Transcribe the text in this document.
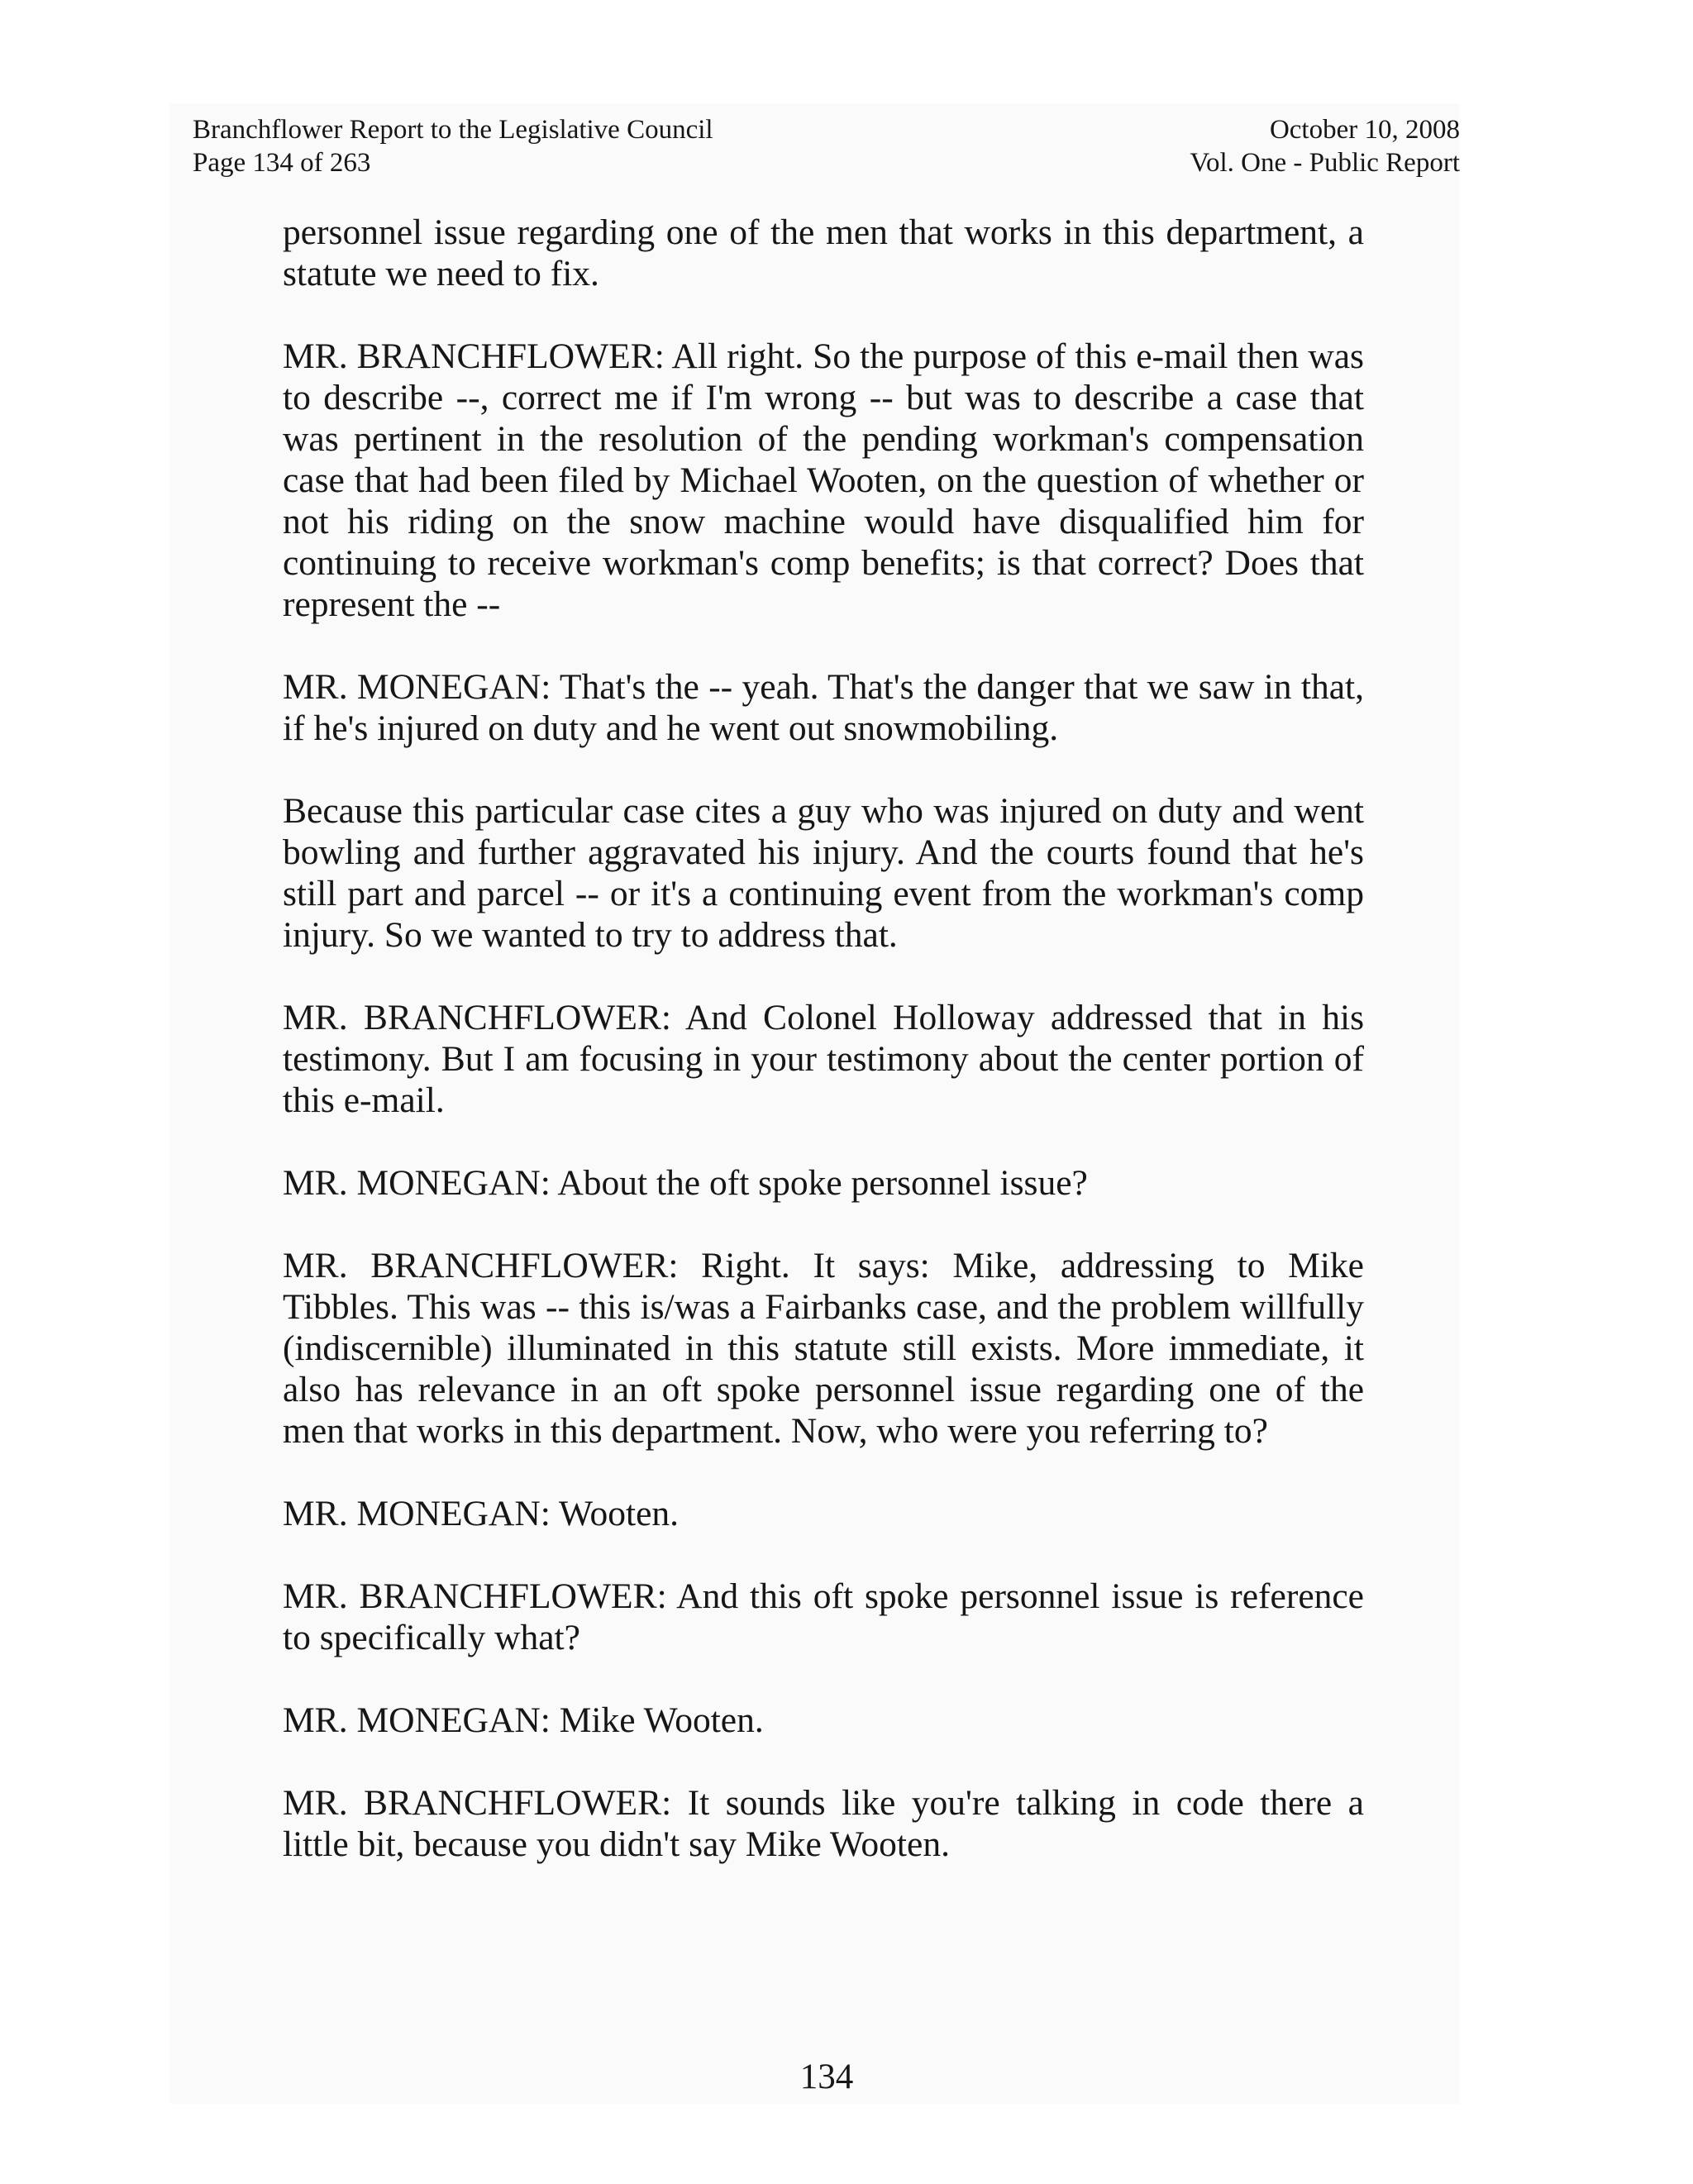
Branchflower Report to the Legislative Council
Page 134 of 263
October 10, 2008
Vol. One - Public Report

personnel issue regarding one of the men that works in this department, a statute we need to fix.

MR. BRANCHFLOWER: All right. So the purpose of this e-mail then was to describe --, correct me if I'm wrong -- but was to describe a case that was pertinent in the resolution of the pending workman's compensation case that had been filed by Michael Wooten, on the question of whether or not his riding on the snow machine would have disqualified him for continuing to receive workman's comp benefits; is that correct? Does that represent the --

MR. MONEGAN: That's the -- yeah. That's the danger that we saw in that, if he's injured on duty and he went out snowmobiling.

Because this particular case cites a guy who was injured on duty and went bowling and further aggravated his injury. And the courts found that he's still part and parcel -- or it's a continuing event from the workman's comp injury. So we wanted to try to address that.

MR. BRANCHFLOWER: And Colonel Holloway addressed that in his testimony. But I am focusing in your testimony about the center portion of this e-mail.

MR. MONEGAN: About the oft spoke personnel issue?

MR. BRANCHFLOWER: Right. It says: Mike, addressing to Mike Tibbles. This was -- this is/was a Fairbanks case, and the problem willfully (indiscernible) illuminated in this statute still exists. More immediate, it also has relevance in an oft spoke personnel issue regarding one of the men that works in this department. Now, who were you referring to?

MR. MONEGAN: Wooten.

MR. BRANCHFLOWER: And this oft spoke personnel issue is reference to specifically what?

MR. MONEGAN: Mike Wooten.

MR. BRANCHFLOWER: It sounds like you're talking in code there a little bit, because you didn't say Mike Wooten.

134
